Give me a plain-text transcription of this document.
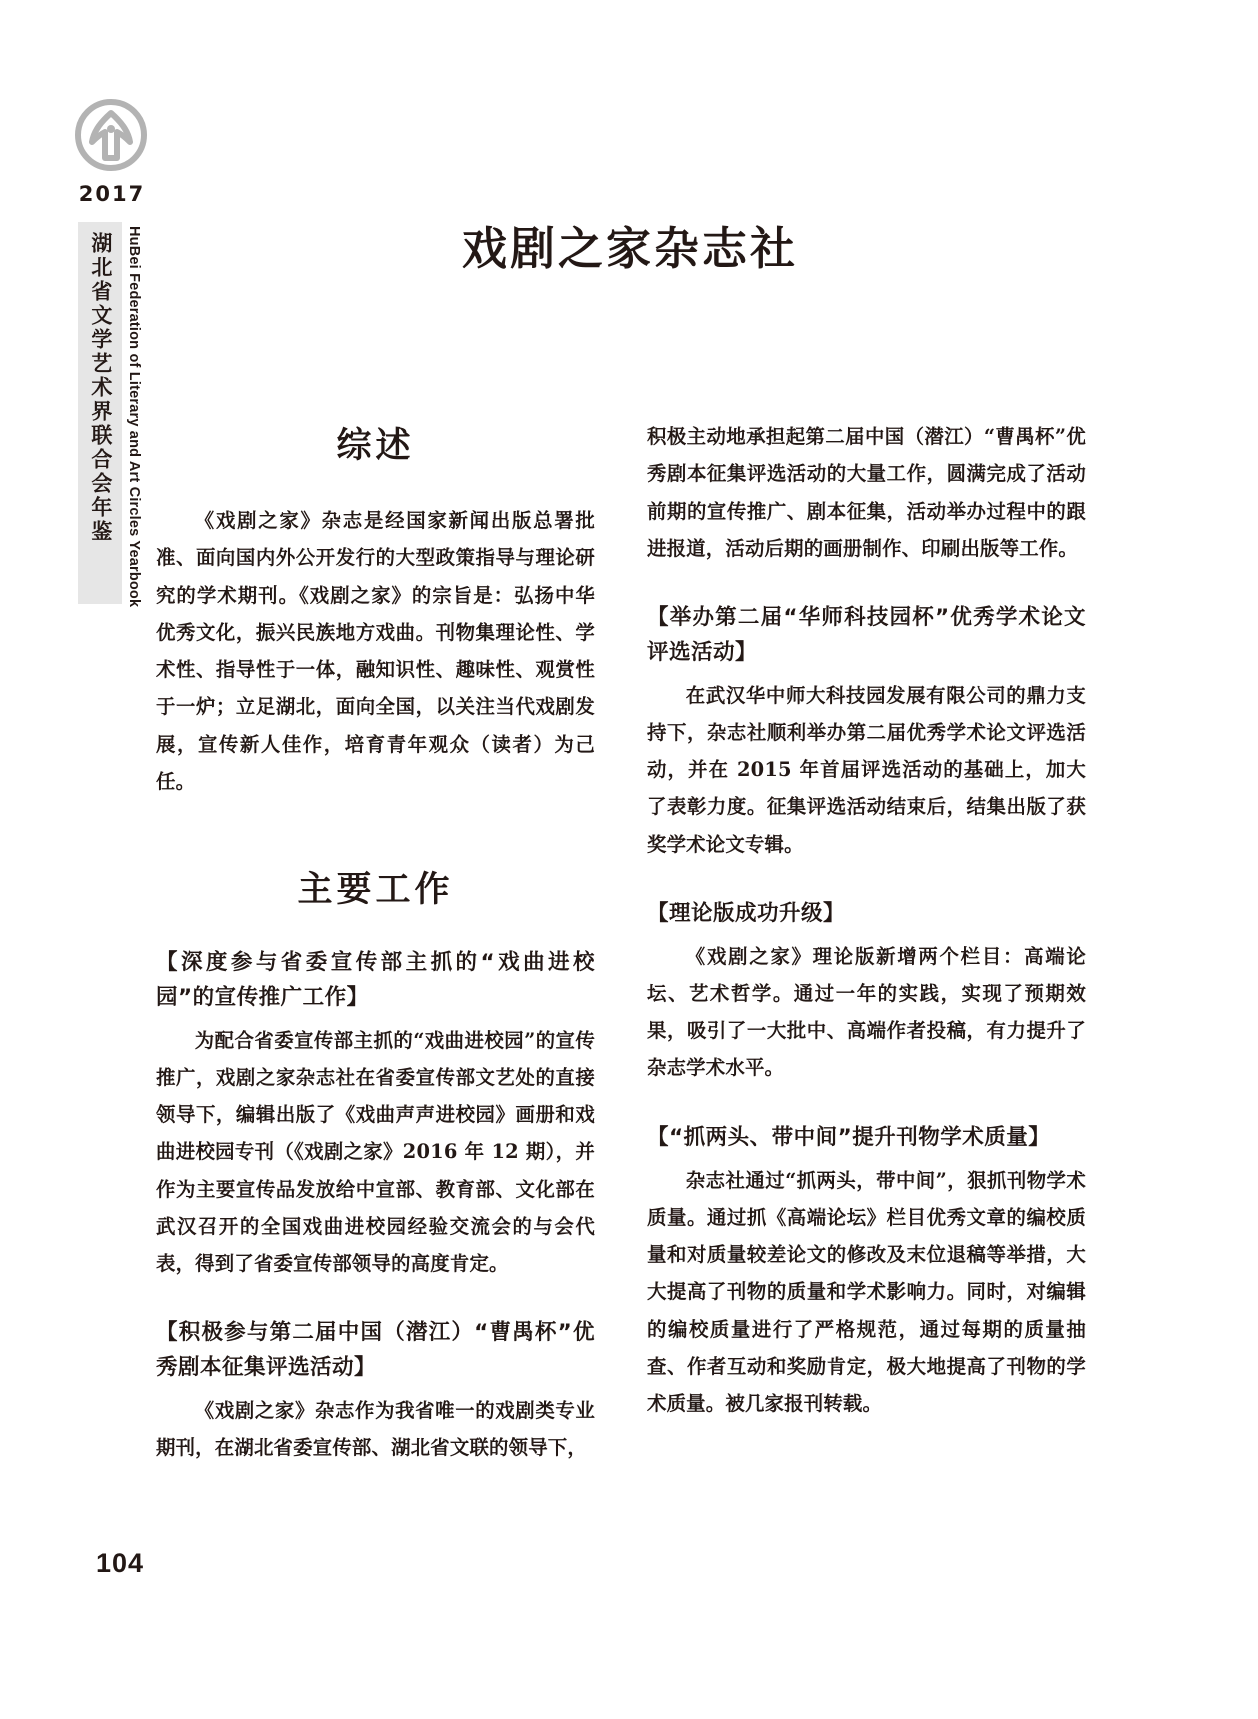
2017
湖北省文学艺术界联合会年鉴 HuBei Federation of Literary and Art Circles Yearbook	戏剧之家杂志社
综述

《戏剧之家》杂志是经国家新闻出版总署批准、面向国内外公开发行的大型政策指导与理论研究的学术期刊。《戏剧之家》的宗旨是：弘扬中华优秀文化，振兴民族地方戏曲。刊物集理论性、学术性、指导性于一体，融知识性、趣味性、观赏性于一炉；立足湖北，面向全国，以关注当代戏剧发展，宣传新人佳作，培育青年观众（读者）为己任。

主要工作
【深度参与省委宣传部主抓的“戏曲进校园”的宣传推广工作】

为配合省委宣传部主抓的“戏曲进校园”的宣传推广，戏剧之家杂志社在省委宣传部文艺处的直接领导下，编辑出版了《戏曲声声进校园》画册和戏曲进校园专刊（《戏剧之家》2016 年 12 期），并作为主要宣传品发放给中宣部、教育部、文化部在武汉召开的全国戏曲进校园经验交流会的与会代表，得到了省委宣传部领导的高度肯定。

【积极参与第二届中国（潜江）“曹禺杯”优秀剧本征集评选活动】

《戏剧之家》杂志作为我省唯一的戏剧类专业期刊，在湖北省委宣传部、湖北省文联的领导下，

积极主动地承担起第二届中国（潜江）“曹禺杯”优秀剧本征集评选活动的大量工作，圆满完成了活动前期的宣传推广、剧本征集，活动举办过程中的跟进报道，活动后期的画册制作、印刷出版等工作。

【举办第二届“华师科技园杯”优秀学术论文评选活动】

在武汉华中师大科技园发展有限公司的鼎力支持下，杂志社顺利举办第二届优秀学术论文评选活动，并在 2015 年首届评选活动的基础上，加大了表彰力度。征集评选活动结束后，结集出版了获奖学术论文专辑。

【理论版成功升级】

《戏剧之家》理论版新增两个栏目：高端论坛、艺术哲学。通过一年的实践，实现了预期效果，吸引了一大批中、高端作者投稿，有力提升了杂志学术水平。

【“抓两头、带中间”提升刊物学术质量】

杂志社通过“抓两头，带中间”，狠抓刊物学术质量。通过抓《高端论坛》栏目优秀文章的编校质量和对质量较差论文的修改及末位退稿等举措，大大提高了刊物的质量和学术影响力。同时，对编辑的编校质量进行了严格规范，通过每期的质量抽查、作者互动和奖励肯定，极大地提高了刊物的学术质量。被几家报刊转载。

104
